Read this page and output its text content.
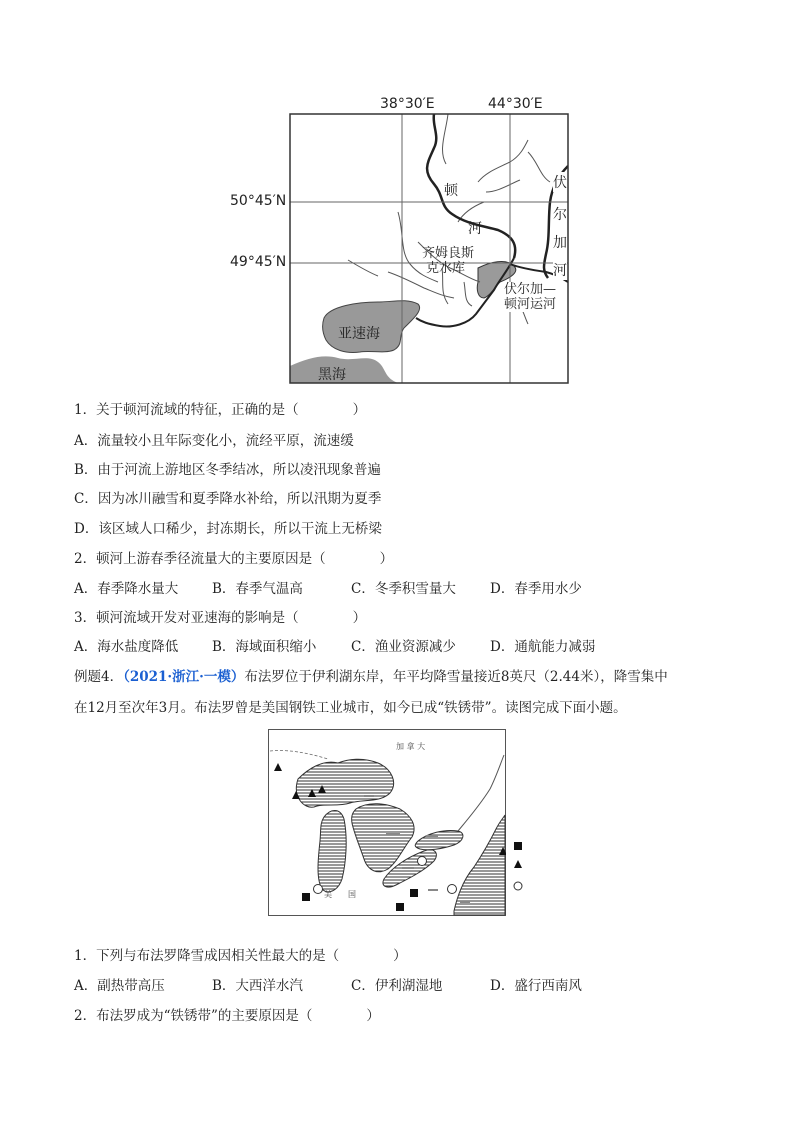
38°30′E	44°30′E
50°45′N
49°45′N
顿
河
伏
尔
加
河
齐姆良斯
克水库
伏尔加—
顿河运河
亚速海
黑海
1．关于顿河流域的特征，正确的是（　　　　）
A．流量较小且年际变化小，流经平原，流速缓
B．由于河流上游地区冬季结冰，所以凌汛现象普遍
C．因为冰川融雪和夏季降水补给，所以汛期为夏季
D．该区域人口稀少，封冻期长，所以干流上无桥梁
2．顿河上游春季径流量大的主要原因是（　　　　）
A．春季降水量大	B．春季气温高	C．冬季积雪量大	D．春季用水少
3．顿河流域开发对亚速海的影响是（　　　　）
A．海水盐度降低	B．海域面积缩小	C．渔业资源减少	D．通航能力减弱
例题4．（2021·浙江·一模）布法罗位于伊利湖东岸，年平均降雪量接近8英尺（2.44米），降雪集中
在12月至次年3月。布法罗曾是美国钢铁工业城市，如今已成“铁锈带”。读图完成下面小题。
加 拿 大
美　　国
1．下列与布法罗降雪成因相关性最大的是（　　　　）
A．副热带高压	B．大西洋水汽	C．伊利湖湿地	D．盛行西南风
2．布法罗成为“铁锈带”的主要原因是（　　　　）
